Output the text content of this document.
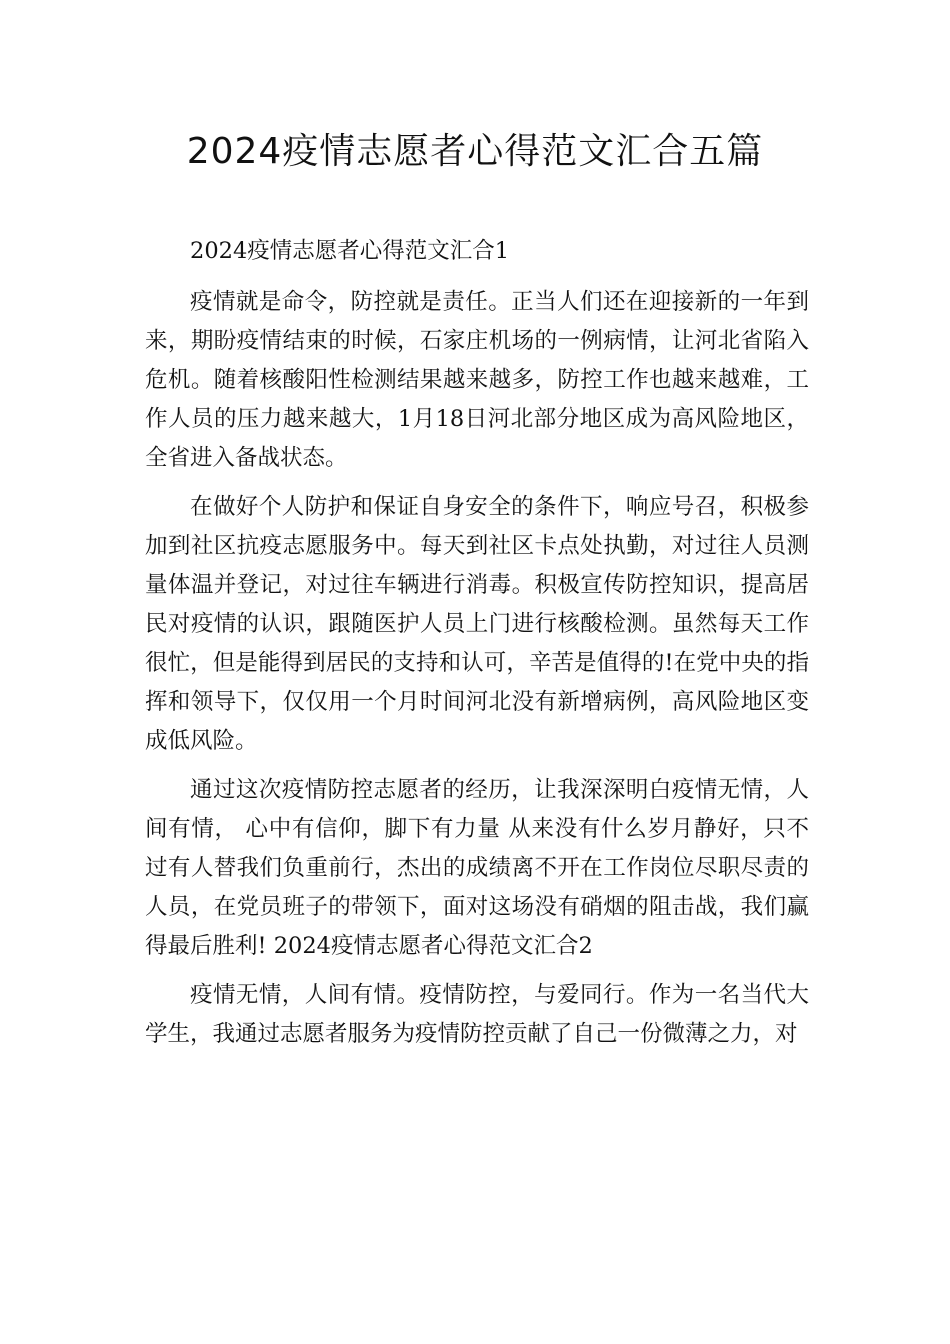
2024疫情志愿者心得范文汇合五篇

2024疫情志愿者心得范文汇合1

疫情就是命令，防控就是责任。正当人们还在迎接新的一年到来，期盼疫情结束的时候，石家庄机场的一例病情，让河北省陷入危机。随着核酸阳性检测结果越来越多，防控工作也越来越难，工作人员的压力越来越大，1月18日河北部分地区成为高风险地区，全省进入备战状态。

在做好个人防护和保证自身安全的条件下，响应号召，积极参加到社区抗疫志愿服务中。每天到社区卡点处执勤，对过往人员测量体温并登记，对过往车辆进行消毒。积极宣传防控知识，提高居民对疫情的认识，跟随医护人员上门进行核酸检测。虽然每天工作很忙，但是能得到居民的支持和认可，辛苦是值得的!在党中央的指挥和领导下，仅仅用一个月时间河北没有新增病例，高风险地区变成低风险。

通过这次疫情防控志愿者的经历，让我深深明白疫情无情，人间有情， 心中有信仰，脚下有力量 从来没有什么岁月静好，只不过有人替我们负重前行，杰出的成绩离不开在工作岗位尽职尽责的人员，在党员班子的带领下，面对这场没有硝烟的阻击战，我们赢得最后胜利! 2024疫情志愿者心得范文汇合2

疫情无情，人间有情。疫情防控，与爱同行。作为一名当代大学生，我通过志愿者服务为疫情防控贡献了自己一份微薄之力，对
